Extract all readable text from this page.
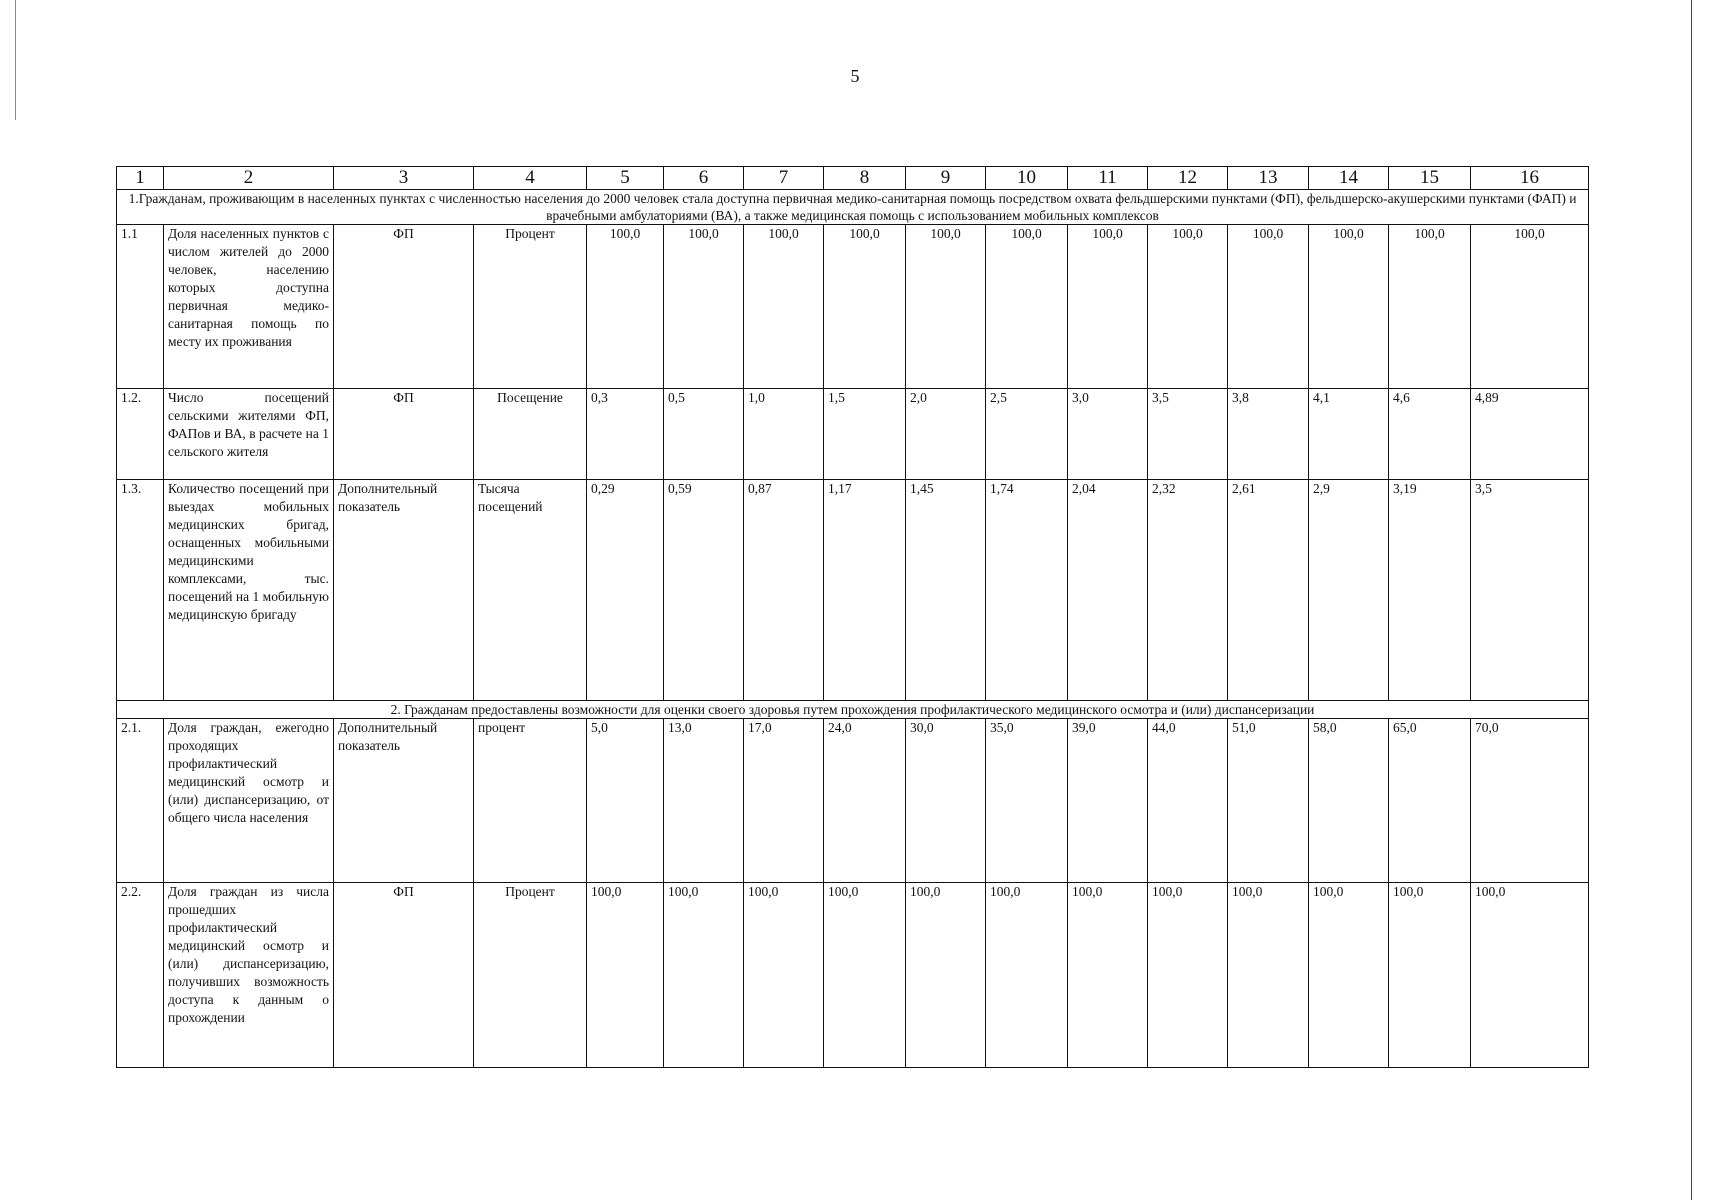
5
1	2	3	4	5	6	7	8	9	10	11	12	13	14	15	16
1.Гражданам, проживающим в населенных пунктах с численностью населения до 2000 человек стала доступна первичная медико-санитарная помощь посредством охвата фельдшерскими пунктами (ФП), фельдшерско-акушерскими пунктами (ФАП) и врачебными амбулаториями (ВА), а также медицинская помощь с использованием мобильных комплексов															
1.1	Доля населенных пунктов с числом жителей до 2000 человек, населению которых доступна первичная медико-санитарная помощь по месту их проживания	ФП	Процент	100,0	100,0	100,0	100,0	100,0	100,0	100,0	100,0	100,0	100,0	100,0	100,0
1.2.	Число посещений сельскими жителями ФП, ФАПов и ВА, в расчете на 1 сельского жителя	ФП	Посещение	0,3	0,5	1,0	1,5	2,0	2,5	3,0	3,5	3,8	4,1	4,6	4,89
1.3.	Количество посещений при выездах мобильных медицинских бригад, оснащенных мобильными медицинскими комплексами, тыс. посещений на 1 мобильную медицинскую бригаду	Дополнительный показатель	Тысяча посещений	0,29	0,59	0,87	1,17	1,45	1,74	2,04	2,32	2,61	2,9	3,19	3,5
2. Гражданам предоставлены возможности для оценки своего здоровья путем прохождения профилактического медицинского осмотра и (или) диспансеризации															
2.1.	Доля граждан, ежегодно проходящих профилактический медицинский осмотр и (или) диспансеризацию, от общего числа населения	Дополнительный показатель	процент	5,0	13,0	17,0	24,0	30,0	35,0	39,0	44,0	51,0	58,0	65,0	70,0
2.2.	Доля граждан из числа прошедших профилактический медицинский осмотр и (или) диспансеризацию, получивших возможность доступа к данным о прохождении	ФП	Процент	100,0	100,0	100,0	100,0	100,0	100,0	100,0	100,0	100,0	100,0	100,0	100,0
